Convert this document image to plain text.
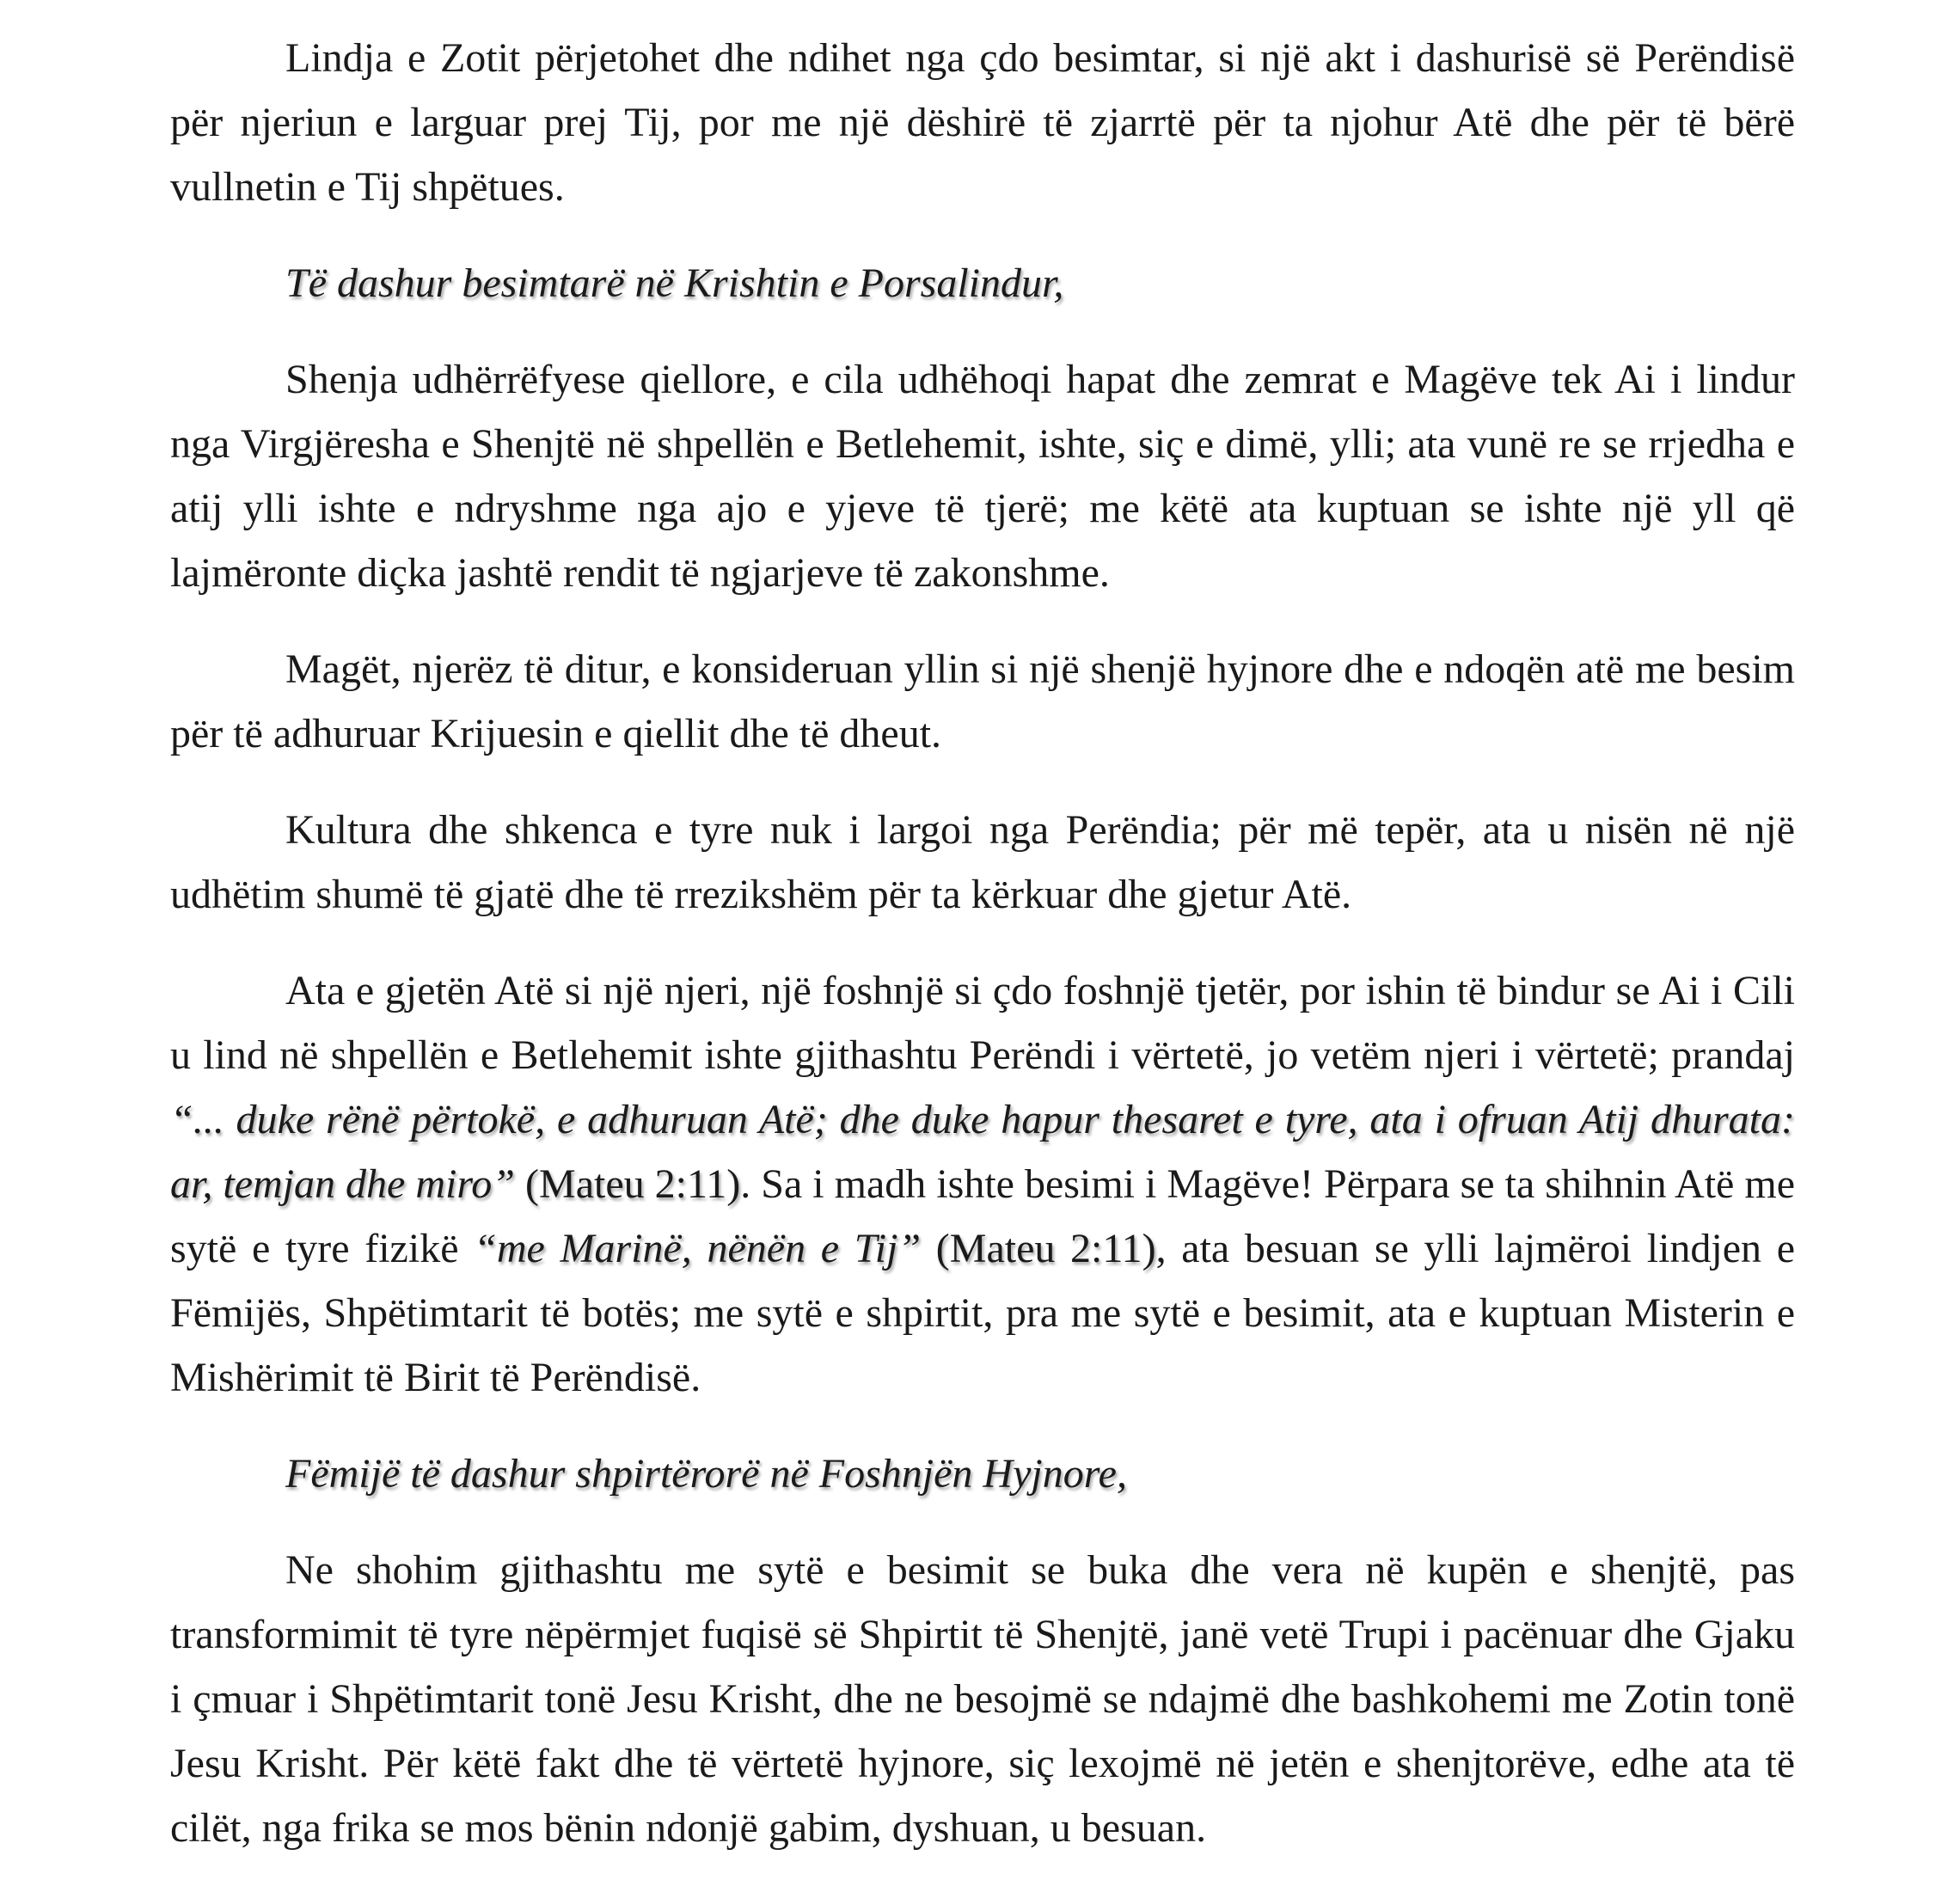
Lindja e Zotit përjetohet dhe ndihet nga çdo besimtar, si një akt i dashurisë së Perëndisë për njeriun e larguar prej Tij, por me një dëshirë të zjarrtë për ta njohur Atë dhe për të bërë vullnetin e Tij shpëtues.

Të dashur besimtarë në Krishtin e Porsalindur,

Shenja udhërrëfyese qiellore, e cila udhëhoqi hapat dhe zemrat e Magëve tek Ai i lindur nga Virgjëresha e Shenjtë në shpellën e Betlehemit, ishte, siç e dimë, ylli; ata vunë re se rrjedha e atij ylli ishte e ndryshme nga ajo e yjeve të tjerë; me këtë ata kuptuan se ishte një yll që lajmëronte diçka jashtë rendit të ngjarjeve të zakonshme.

Magët, njerëz të ditur, e konsideruan yllin si një shenjë hyjnore dhe e ndoqën atë me besim për të adhuruar Krijuesin e qiellit dhe të dheut.

Kultura dhe shkenca e tyre nuk i largoi nga Perëndia; për më tepër, ata u nisën në një udhëtim shumë të gjatë dhe të rrezikshëm për ta kërkuar dhe gjetur Atë.

Ata e gjetën Atë si një njeri, një foshnjë si çdo foshnjë tjetër, por ishin të bindur se Ai i Cili u lind në shpellën e Betlehemit ishte gjithashtu Perëndi i vërtetë, jo vetëm njeri i vërtetë; prandaj “... duke rënë përtokë, e adhuruan Atë; dhe duke hapur thesaret e tyre, ata i ofruan Atij dhurata: ar, temjan dhe miro” (Mateu 2:11). Sa i madh ishte besimi i Magëve! Përpara se ta shihnin Atë me sytë e tyre fizikë “me Marinë, nënën e Tij” (Mateu 2:11), ata besuan se ylli lajmëroi lindjen e Fëmijës, Shpëtimtarit të botës; me sytë e shpirtit, pra me sytë e besimit, ata e kuptuan Misterin e Mishërimit të Birit të Perëndisë.

Fëmijë të dashur shpirtërorë në Foshnjën Hyjnore,

Ne shohim gjithashtu me sytë e besimit se buka dhe vera në kupën e shenjtë, pas transformimit të tyre nëpërmjet fuqisë së Shpirtit të Shenjtë, janë vetë Trupi i pacënuar dhe Gjaku i çmuar i Shpëtimtarit tonë Jesu Krisht, dhe ne besojmë se ndajmë dhe bashkohemi me Zotin tonë Jesu Krisht. Për këtë fakt dhe të vërtetë hyjnore, siç lexojmë në jetën e shenjtorëve, edhe ata të cilët, nga frika se mos bënin ndonjë gabim, dyshuan, u besuan.
